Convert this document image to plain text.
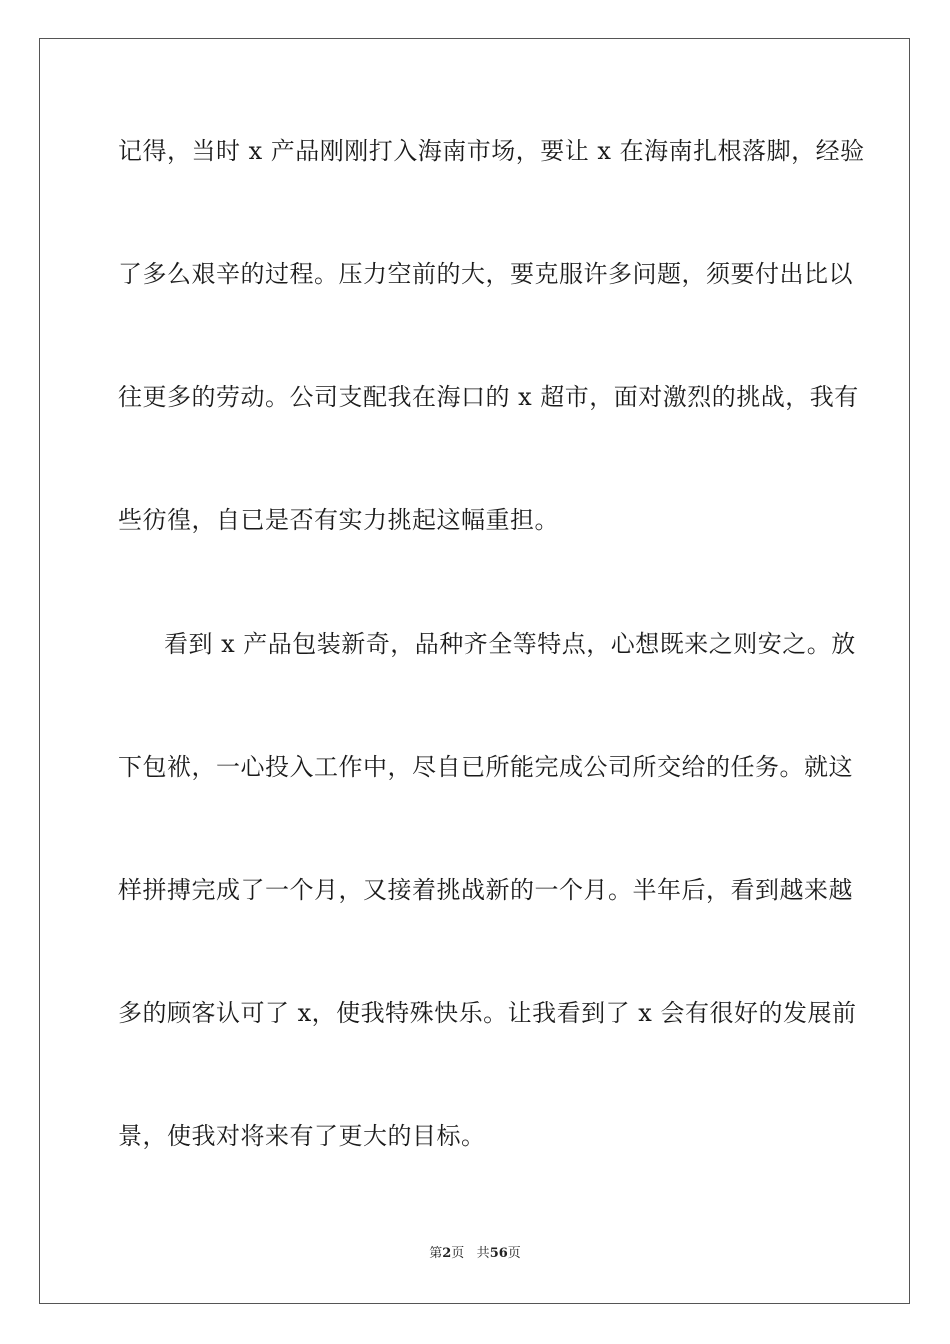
记得，当时 x 产品刚刚打入海南市场，要让 x 在海南扎根落脚，经验
了多么艰辛的过程。压力空前的大，要克服许多问题，须要付出比以
往更多的劳动。公司支配我在海口的 x 超市，面对激烈的挑战，我有
些彷徨，自已是否有实力挑起这幅重担。
看到 x 产品包装新奇，品种齐全等特点，心想既来之则安之。放
下包袱，一心投入工作中，尽自已所能完成公司所交给的任务。就这
样拼搏完成了一个月，又接着挑战新的一个月。半年后，看到越来越
多的顾客认可了 x，使我特殊快乐。让我看到了 x 会有很好的发展前
景，使我对将来有了更大的目标。
第2页 共56页
